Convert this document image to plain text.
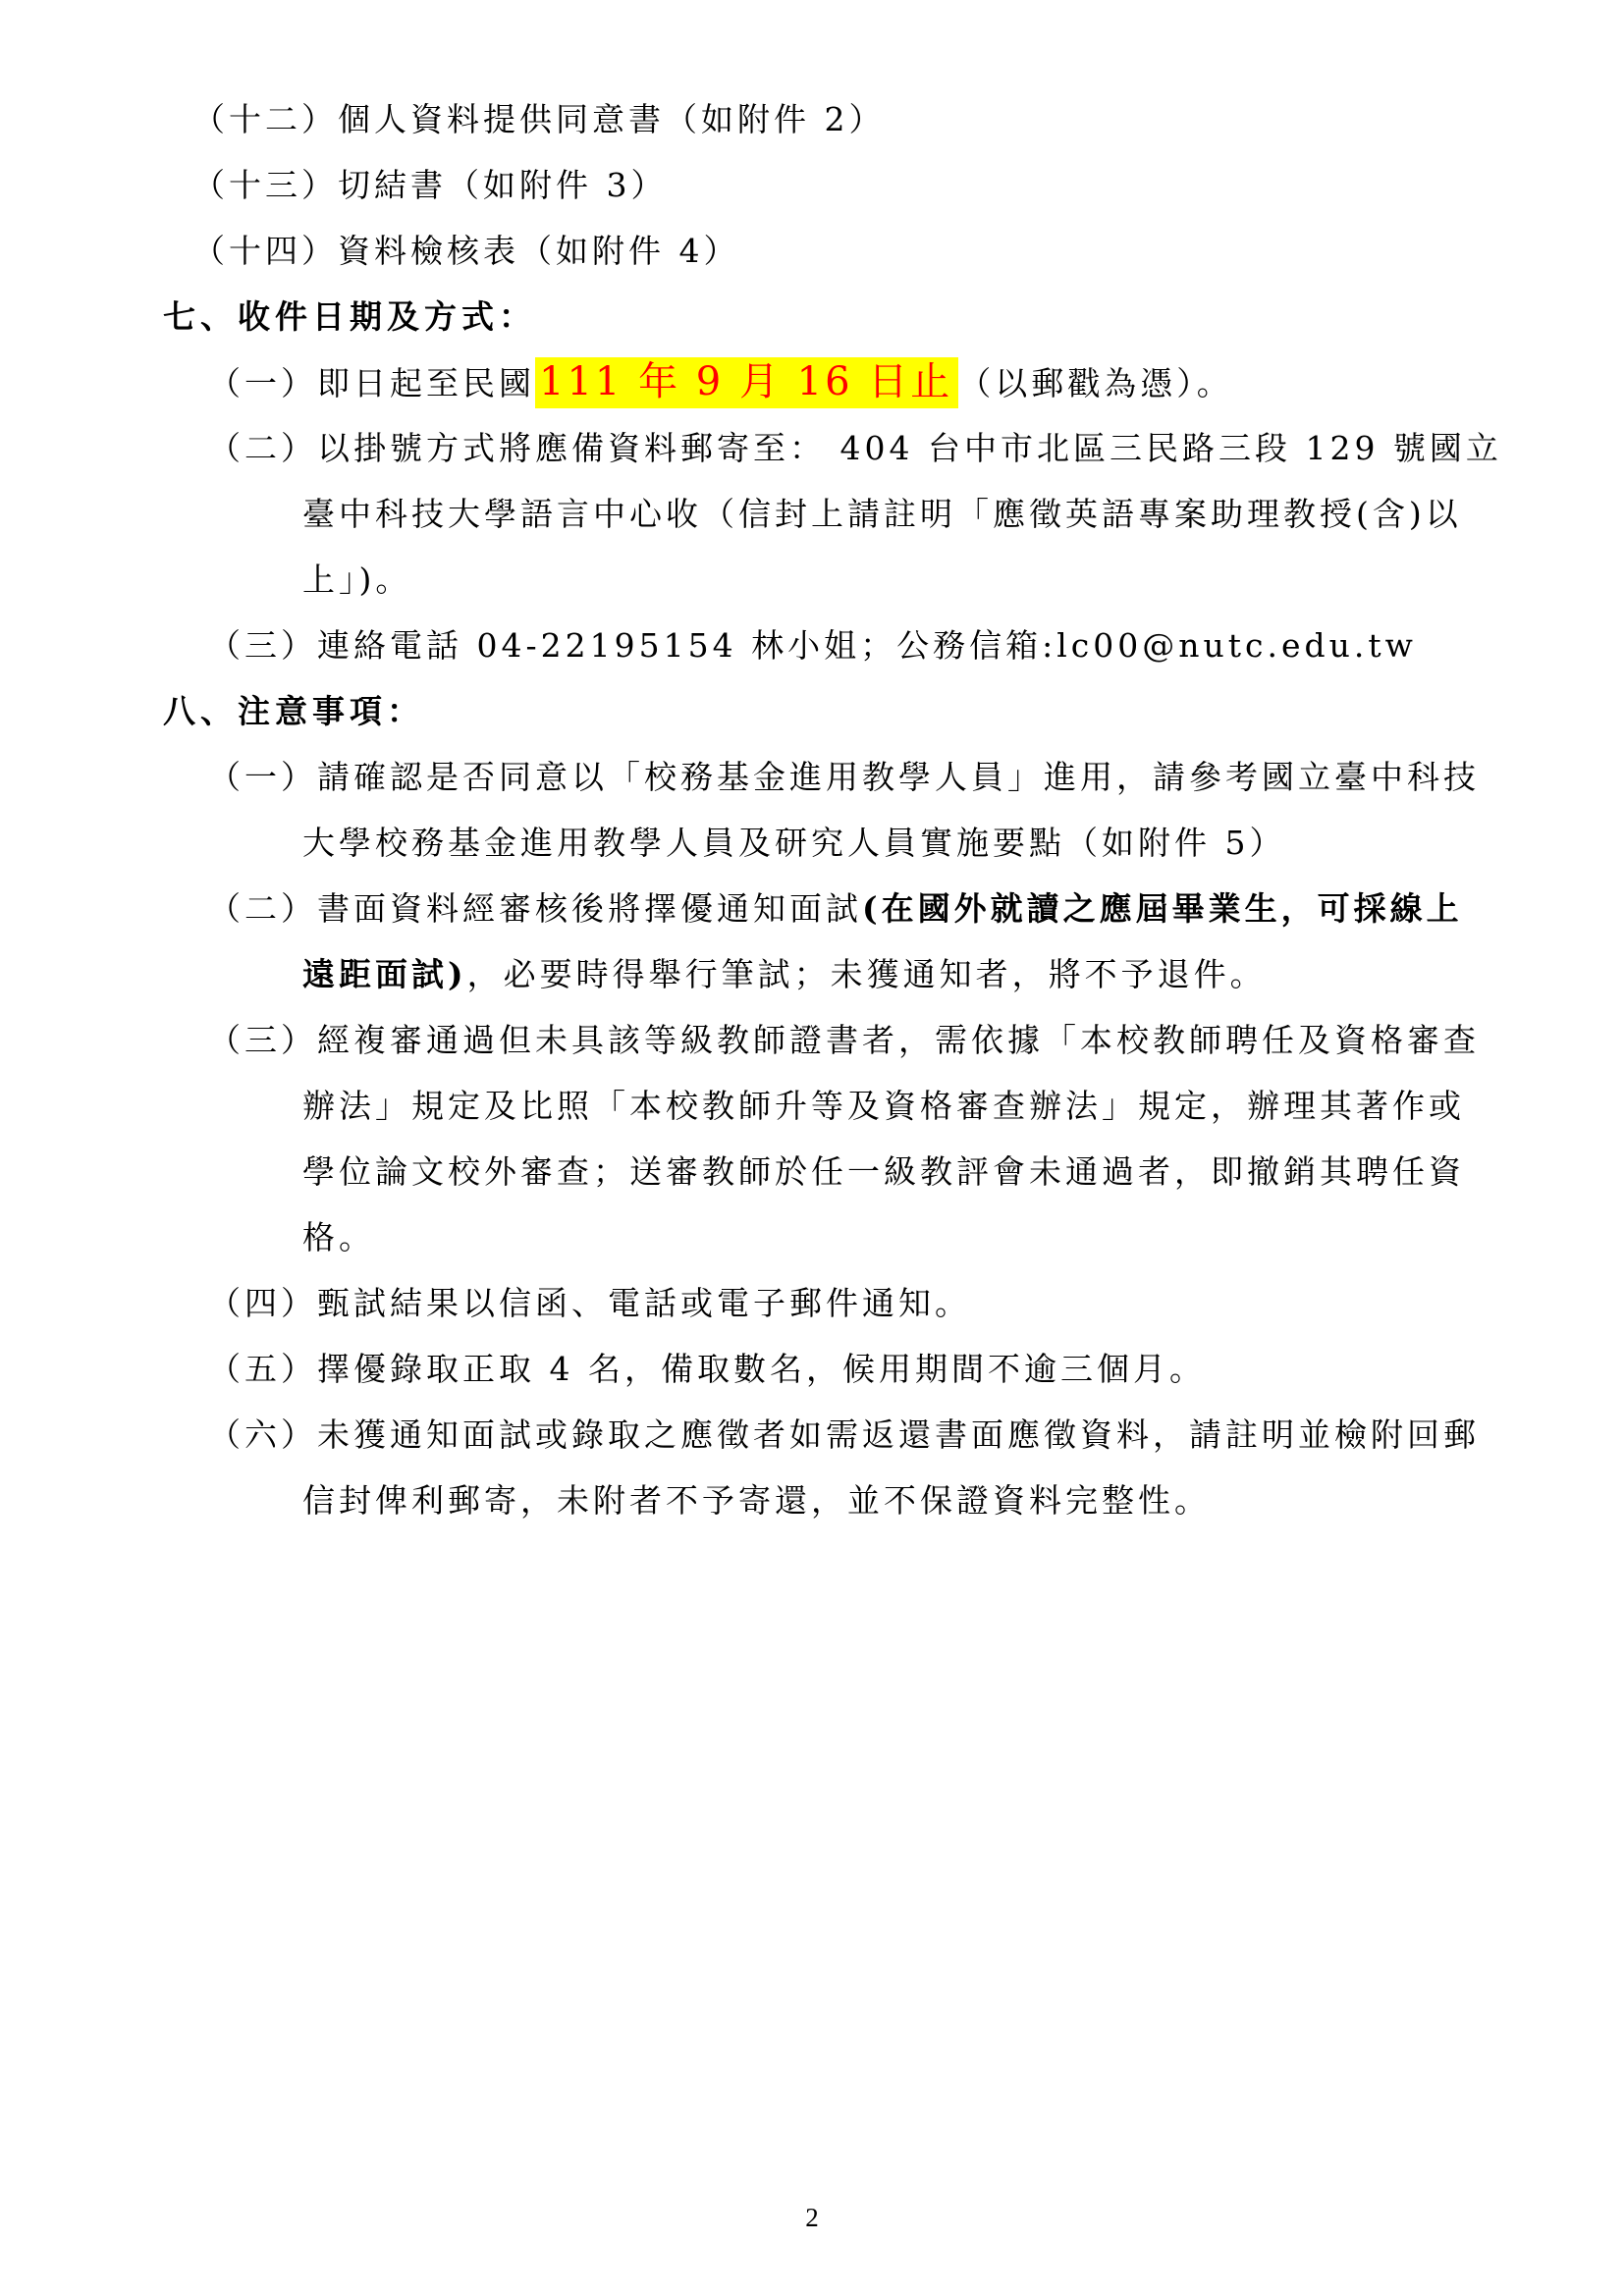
（十二）個人資料提供同意書（如附件 2）
（十三）切結書（如附件 3）
（十四）資料檢核表（如附件 4）
七、收件日期及方式：
（一）即日起至民國 111 年 9 月 16 日止 （以郵戳為憑）。
（二）以掛號方式將應備資料郵寄至： 404 台中市北區三民路三段 129 號國立
臺中科技大學語言中心收（信封上請註明「應徵英語專案助理教授(含)以
上」)。
（三）連絡電話 04-22195154 林小姐；公務信箱:lc00@nutc.edu.tw
八、注意事項：
（一）請確認是否同意以「校務基金進用教學人員」進用，請參考國立臺中科技
大學校務基金進用教學人員及研究人員實施要點（如附件 5）
（二）書面資料經審核後將擇優通知面試(在國外就讀之應屆畢業生，可採線上
遠距面試)，必要時得舉行筆試；未獲通知者，將不予退件。
（三）經複審通過但未具該等級教師證書者，需依據「本校教師聘任及資格審查
辦法」規定及比照「本校教師升等及資格審查辦法」規定，辦理其著作或
學位論文校外審查；送審教師於任一級教評會未通過者，即撤銷其聘任資
格。
（四）甄試結果以信函、電話或電子郵件通知。
（五）擇優錄取正取 4 名，備取數名，候用期間不逾三個月。
（六）未獲通知面試或錄取之應徵者如需返還書面應徵資料，請註明並檢附回郵
信封俾利郵寄，未附者不予寄還，並不保證資料完整性。
2
